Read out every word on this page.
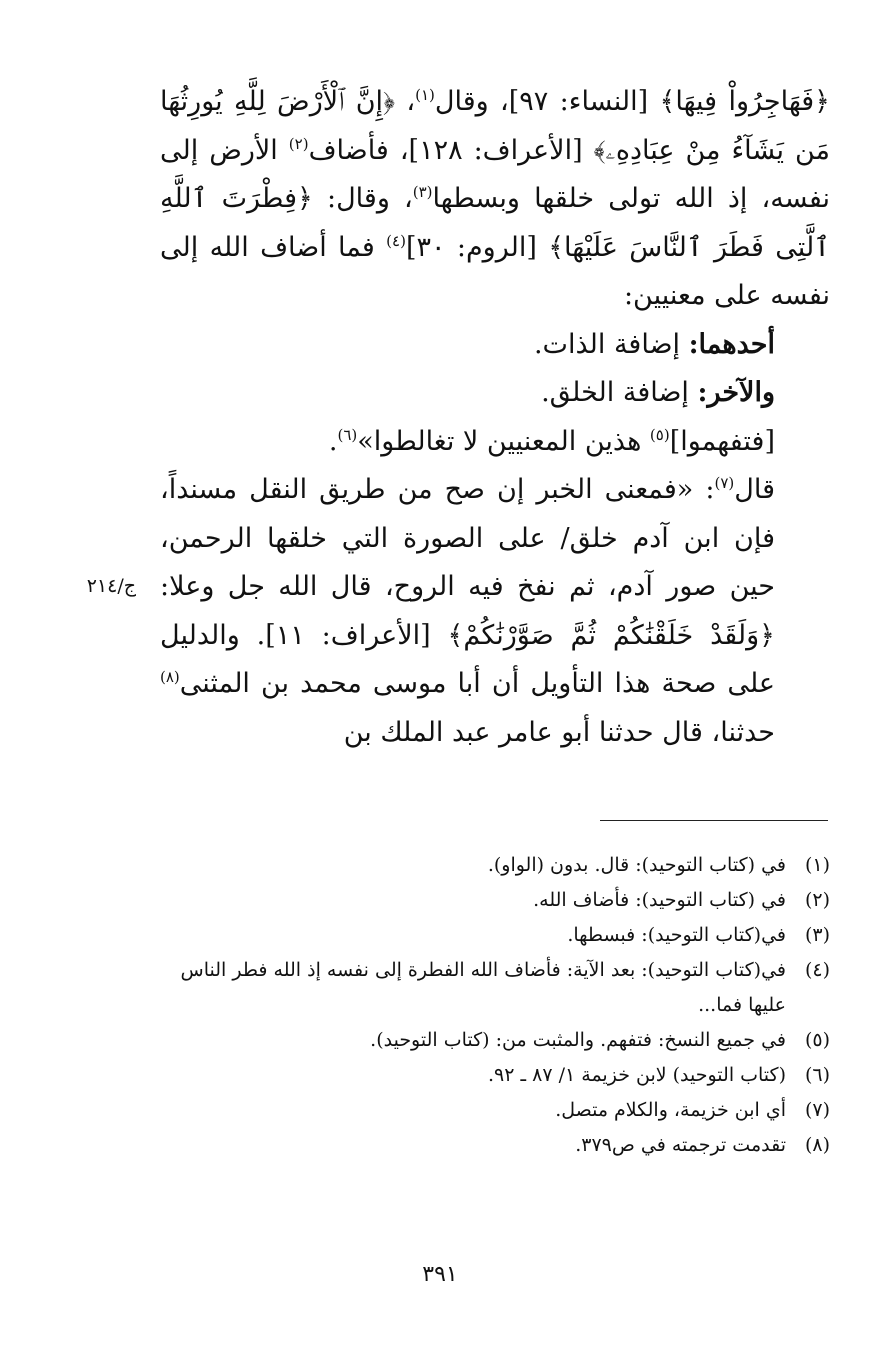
﴿فَهَاجِرُواْ فِيهَا﴾ [النساء: ٩٧]، وقال$^{(١)}$، ﴿إِنَّ ٱلْأَرْضَ لِلَّهِ يُورِثُهَا مَن يَشَآءُ مِنْ عِبَادِهِۦ﴾ [الأعراف: ١٢٨]، فأضاف$^{(٢)}$ الأرض إلى نفسه، إذ الله تولى خلقها وبسطها$^{(٣)}$، وقال: ﴿فِطْرَتَ ٱللَّهِ ٱلَّتِى فَطَرَ ٱلنَّاسَ عَلَيْهَا﴾ [الروم: ٣٠]$^{(٤)}$ فما أضاف الله إلى نفسه على معنيين:

أحدهما: إضافة الذات.

والآخر: إضافة الخلق.

[فتفهموا]$^{(٥)}$ هذين المعنيين لا تغالطوا»$^{(٦)}$.

قال$^{(٧)}$: «فمعنى الخبر إن صح من طريق النقل مسنداً، فإن ابن آدم خلق/ على الصورة التي خلقها الرحمن، حين صور آدم، ثم نفخ فيه الروح، قال الله جل وعلا: ﴿وَلَقَدْ خَلَقْنَٰكُمْ ثُمَّ صَوَّرْنَٰكُمْ﴾ [الأعراف: ١١]. والدليل على صحة هذا التأويل أن أبا موسى محمد بن المثنى$^{(٨)}$ حدثنا، قال حدثنا أبو عامر عبد الملك بن

ج/٢١٤
(١)
في (كتاب التوحيد): قال. بدون (الواو).
(٢)
في (كتاب التوحيد): فأضاف الله.
(٣)
في(كتاب التوحيد): فبسطها.
(٤)
في(كتاب التوحيد): بعد الآية: فأضاف الله الفطرة إلى نفسه إذ الله فطر الناس عليها فما...
(٥)
في جميع النسخ: فتفهم. والمثبت من: (كتاب التوحيد).
(٦)
(كتاب التوحيد) لابن خزيمة ١/ ٨٧ ـ ٩٢.
(٧)
أي ابن خزيمة، والكلام متصل.
(٨)
تقدمت ترجمته في ص٣٧٩.
٣٩١
